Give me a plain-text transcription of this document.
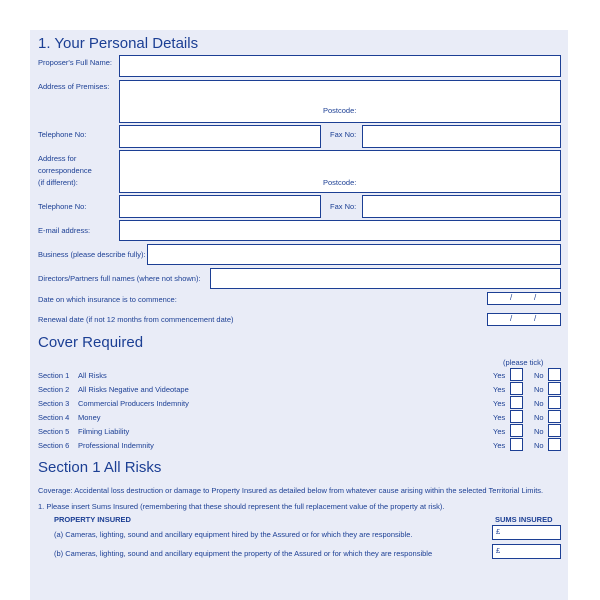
1. Your Personal Details
Proposer's Full Name:
Address of Premises:
Postcode:
Telephone No:	Fax No:
Address for
correspondence
(if different):	Postcode:
Telephone No:	Fax No:
E-mail address:
Business (please describe fully):
Directors/Partners full names (where not shown):
Date on which insurance is to commence:	/	/
Renewal date (if not 12 months from commencement date)	/	/
Cover Required
(please tick)
Section 1 All Risks	Yes	No
Section 2 All Risks Negative and Videotape	Yes	No
Section 3 Commercial Producers Indemnity	Yes	No
Section 4 Money	Yes	No
Section 5 Filming Liability	Yes	No
Section 6 Professional Indemnity	Yes	No
Section 1 All Risks
Coverage: Accidental loss destruction or damage to Property Insured as detailed below from whatever cause arising within the selected Territorial Limits.
1. Please insert Sums Insured (remembering that these should represent the full replacement value of the property at risk).
PROPERTY INSURED	SUMS INSURED
(a) Cameras, lighting, sound and ancillary equipment hired by the Assured or for which they are responsible.	£
(b) Cameras, lighting, sound and ancillary equipment the property of the Assured or for which they are responsible	£
